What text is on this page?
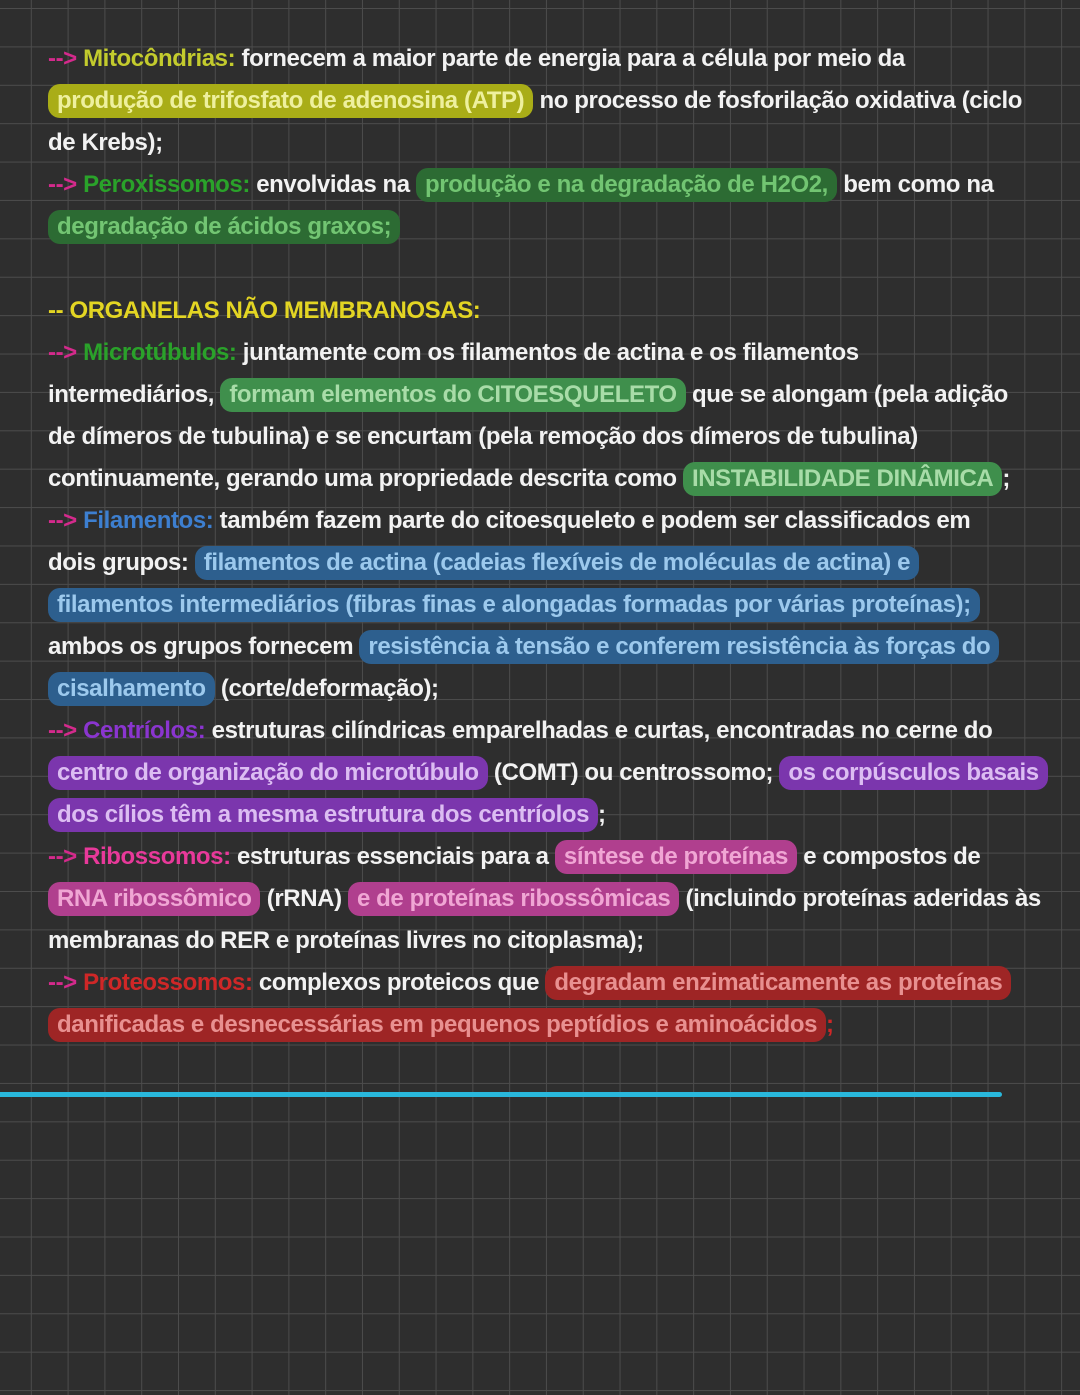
--> Mitocôndrias: fornecem a maior parte de energia para a célula por meio da
produção de trifosfato de adenosina (ATP) no processo de fosforilação oxidativa (ciclo
de Krebs);
--> Peroxissomos: envolvidas na produção e na degradação de H2O2, bem como na
degradação de ácidos graxos;
-- ORGANELAS NÃO MEMBRANOSAS:
--> Microtúbulos: juntamente com os filamentos de actina e os filamentos
intermediários, formam elementos do CITOESQUELETO que se alongam (pela adição
de dímeros de tubulina) e se encurtam (pela remoção dos dímeros de tubulina)
continuamente, gerando uma propriedade descrita como INSTABILIDADE DINÂMICA ;
--> Filamentos: também fazem parte do citoesqueleto e podem ser classificados em
dois grupos: filamentos de actina (cadeias flexíveis de moléculas de actina) e
filamentos intermediários (fibras finas e alongadas formadas por várias proteínas);
ambos os grupos fornecem resistência à tensão e conferem resistência às forças do
cisalhamento (corte/deformação);
--> Centríolos: estruturas cilíndricas emparelhadas e curtas, encontradas no cerne do
centro de organização do microtúbulo (COMT) ou centrossomo; os corpúsculos basais
dos cílios têm a mesma estrutura dos centríolos ;
--> Ribossomos: estruturas essenciais para a síntese de proteínas e compostos de
RNA ribossômico (rRNA) e de proteínas ribossômicas (incluindo proteínas aderidas às
membranas do RER e proteínas livres no citoplasma);
--> Proteossomos: complexos proteicos que degradam enzimaticamente as proteínas
danificadas e desnecessárias em pequenos peptídios e aminoácidos ;
